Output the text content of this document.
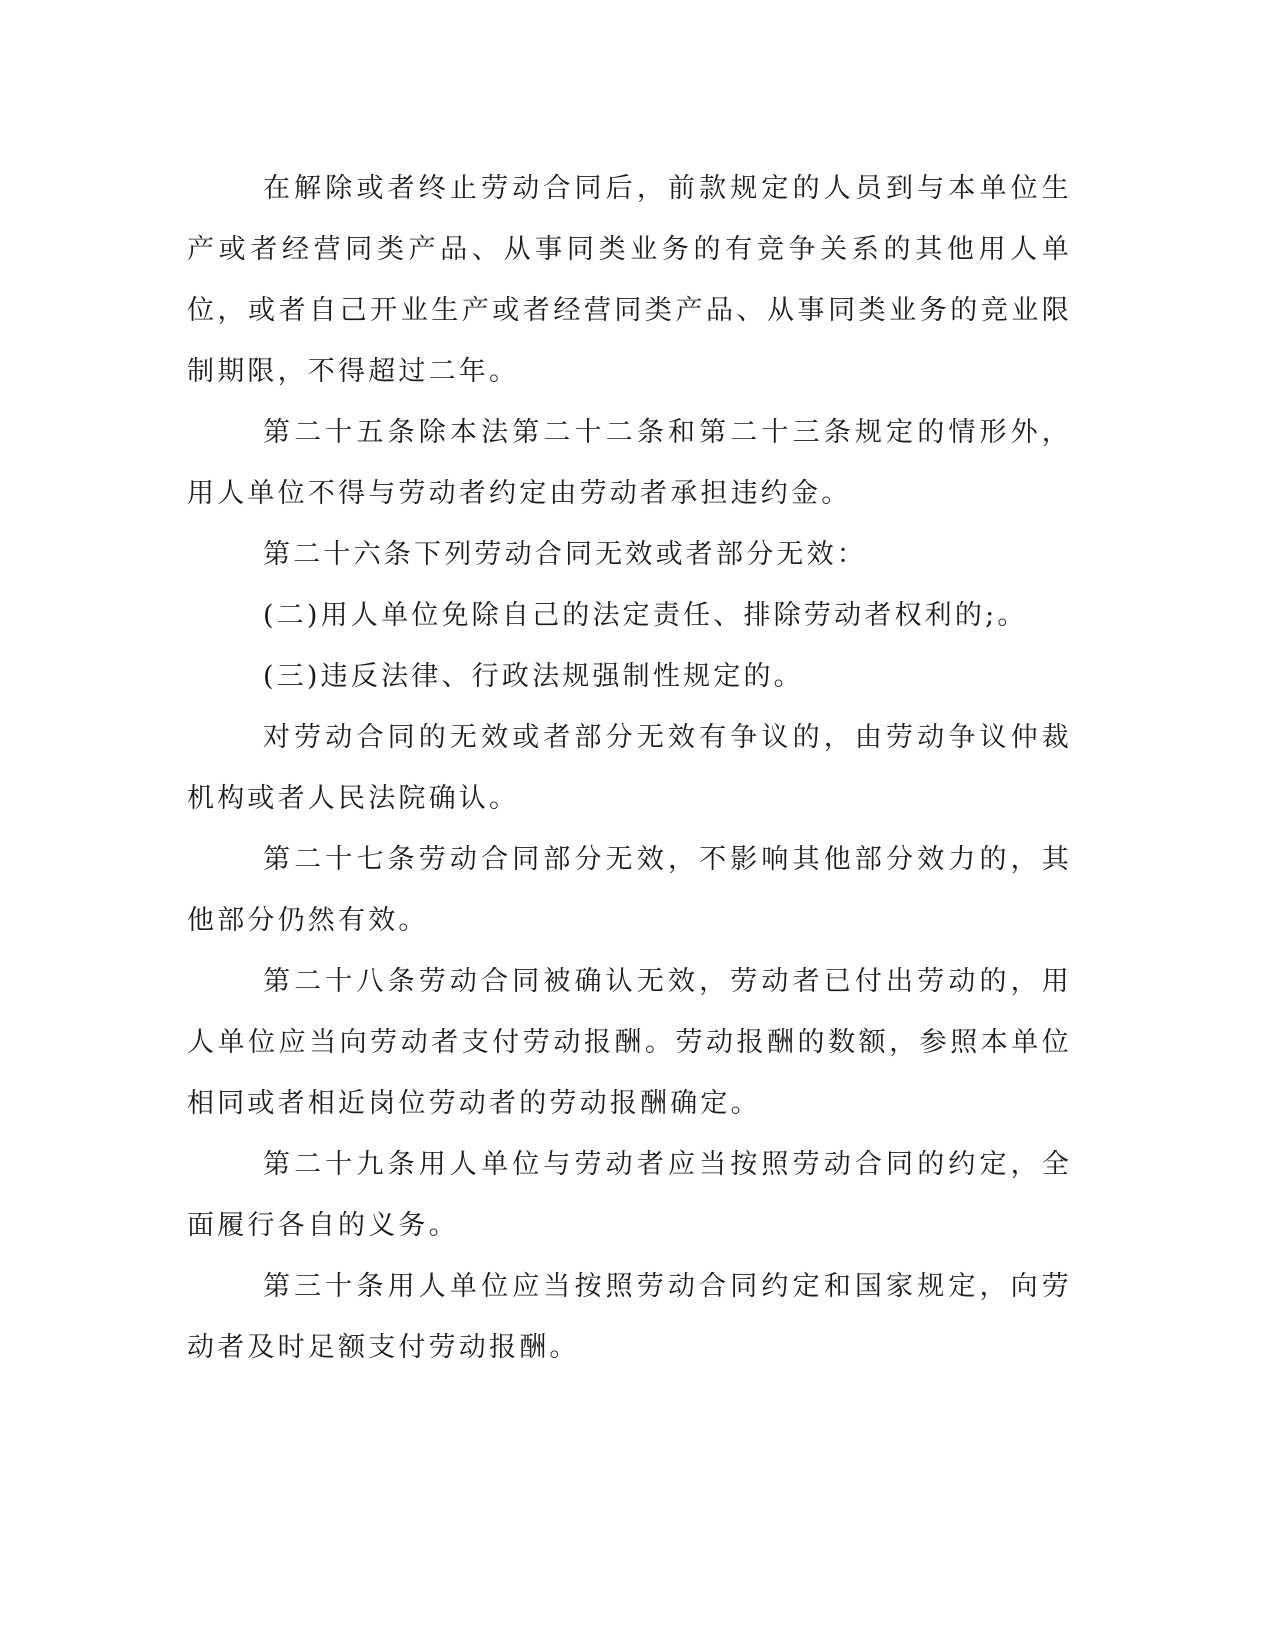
在解除或者终止劳动合同后，前款规定的人员到与本单位生产或者经营同类产品、从事同类业务的有竞争关系的其他用人单位，或者自己开业生产或者经营同类产品、从事同类业务的竞业限制期限，不得超过二年。

第二十五条除本法第二十二条和第二十三条规定的情形外，用人单位不得与劳动者约定由劳动者承担违约金。

第二十六条下列劳动合同无效或者部分无效：

(二)用人单位免除自己的法定责任、排除劳动者权利的;。

(三)违反法律、行政法规强制性规定的。

对劳动合同的无效或者部分无效有争议的，由劳动争议仲裁机构或者人民法院确认。

第二十七条劳动合同部分无效，不影响其他部分效力的，其他部分仍然有效。

第二十八条劳动合同被确认无效，劳动者已付出劳动的，用人单位应当向劳动者支付劳动报酬。劳动报酬的数额，参照本单位相同或者相近岗位劳动者的劳动报酬确定。

第二十九条用人单位与劳动者应当按照劳动合同的约定，全面履行各自的义务。

第三十条用人单位应当按照劳动合同约定和国家规定，向劳动者及时足额支付劳动报酬。
